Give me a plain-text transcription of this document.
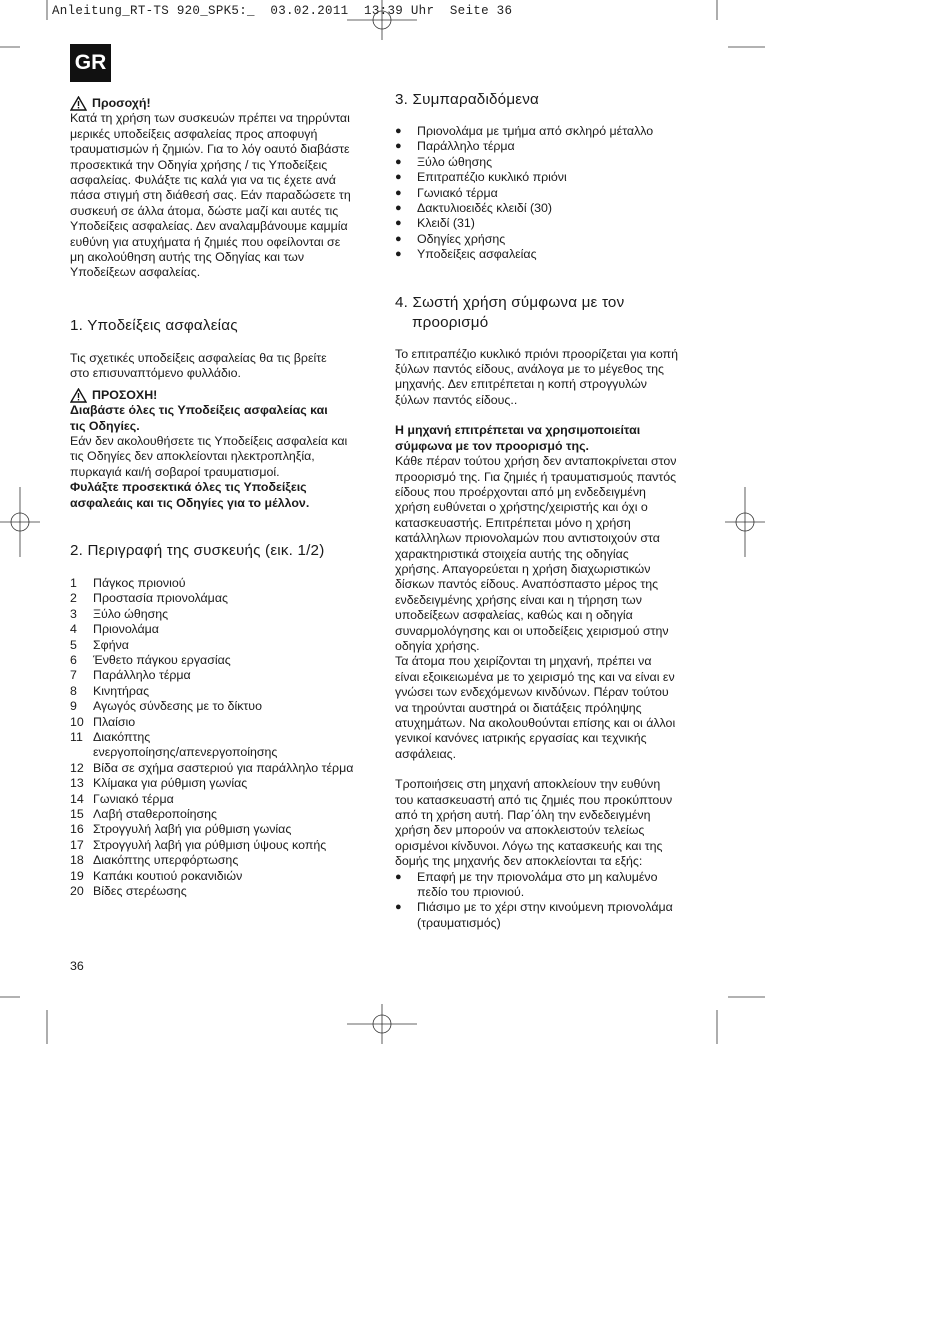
Anleitung_RT-TS 920_SPK5:_  03.02.2011  13:39 Uhr  Seite 36
GR
Προσοχή!

Κατά τη χρήση των συσκευών πρέπει να τηρρύνται

μερικές υποδείξεις ασφαλείας προς αποφυγή

τραυματισμών ή ζημιών. Για το λόγ οαυτό διαβάστε

προσεκτικά την Οδηγία χρήσης / τις Υποδείξεις

ασφαλείας. Φυλάξτε τις καλά για να τις έχετε ανά

πάσα στιγμή στη διάθεσή σας. Εάν παραδώσετε τη

συσκευή σε άλλα άτομα, δώστε μαζί και αυτές τις

Υποδείξεις ασφαλείας. Δεν αναλαμβάνουμε καμμία

ευθύνη για ατυχήματα ή ζημιές που οφείλονται σε

μη ακολούθηση αυτής της Οδηγίας και των

Υποδείξεων ασφαλείας.

1. Υποδείξεις ασφαλείας

Τις σχετικές υποδείξεις ασφαλείας θα τις βρείτε

στο επισυναπτόμενο φυλλάδιο.

ΠΡΟΣΟΧΗ!

Διαβάστε όλες τις Υποδείξεις ασφαλείας και

τις Οδηγίες.

Εάν δεν ακολουθήσετε τις Υποδείξεις ασφαλεία και

τις Οδηγίες δεν αποκλείονται ηλεκτροπληξία,

πυρκαγιά και/ή σοβαροί τραυματισμοί.

Φυλάξτε προσεκτικά όλες τις Υποδείξεις

ασφαλεάις και τις Οδηγίες για το μέλλον.

2. Περιγραφή της συσκευής (εικ. 1/2)
1	Πάγκος πριονιού
2	Προστασία πριονολάμας
3	Ξύλο ώθησης
4	Πριονολάμα
5	Σφήνα
6	Ένθετο πάγκου εργασίας
7	Παράλληλο τέρμα
8	Κινητήρας
9	Αγωγός σύνδεσης με το δίκτυο
10 Πλαίσιο
11 Διακόπτης
ενεργοποίησης/απενεργοποίησης
12 Βίδα σε σχήμα σαστεριού για παράλληλο τέρμα
13 Κλίμακα για ρύθμιση γωνίας
14 Γωνιακό τέρμα
15 Λαβή σταθεροποίησης
16 Στρογγυλή λαβή για ρύθμιση γωνίας
17 Στρογγυλή λαβή για ρύθμιση ύψους κοπής
18 Διακόπτης υπερφόρτωσης
19 Καπάκι κουτιού ροκανιδιών
20 Βίδες στερέωσης
3. Συμπαραδιδόμενα
●	Πριονολάμα με τμήμα από σκληρό μέταλλο
●	Παράλληλο τέρμα
●	Ξύλο ώθησης
●	Επιτραπέζιο κυκλικό πριόνι
●	Γωνιακό τέρμα
●	Δακτυλιοειδές κλειδί (30)
●	Κλειδί (31)
●	Οδηγίες χρήσης
●	Υποδείξεις ασφαλείας
4. Σωστή χρήση σύμφωνα με τον
προορισμό

Το επιτραπέζιο κυκλικό πριόνι προορίζεται για κοπή

ξύλων παντός είδους, ανάλογα με το μέγεθος της

μηχανής. Δεν επιτρέπεται η κοπή στρογγυλών

ξύλων παντός είδους..

Η μηχανή επιτρέπεται να χρησιμοποιείται

σύμφωνα με τον προορισμό της.

Κάθε πέραν τούτου χρήση δεν ανταποκρίνεται στον

προορισμό της. Για ζημιές ή τραυματισμούς παντός

είδους που προέρχονται από μη ενδεδειγμένη

χρήση ευθύνεται ο χρήστης/χειριστής και όχι ο

κατασκευαστής. Επιτρέπεται μόνο η χρήση

κατάλληλων πριονολαμών που αντιστοιχούν στα

χαρακτηριστικά στοιχεία αυτής της οδηγίας

χρήσης. Απαγορεύεται η χρήση διαχωριστικών

δίσκων παντός είδους. Αναπόσπαστο μέρος της

ενδεδειγμένης χρήσης είναι και η τήρηση των

υποδείξεων ασφαλείας, καθώς και η οδηγία

συναρμολόγησης και οι υποδείξεις χειρισμού στην

οδηγία χρήσης.

Τα άτομα που χειρίζονται τη μηχανή, πρέπει να

είναι εξοικειωμένα με το χειρισμό της και να είναι εν

γνώσει των ενδεχόμενων κινδύνων. Πέραν τούτου

να τηρούνται αυστηρά οι διατάξεις πρόληψης

ατυχημάτων. Να ακολουθούνται επίσης και οι άλλοι

γενικοί κανόνες ιατρικής εργασίας και τεχνικής

ασφάλειας.

Τροποιήσεις στη μηχανή αποκλείουν την ευθύνη

του κατασκευαστή από τις ζημιές που προκύπτουν

από τη χρήση αυτή. Παρ΄όλη την ενδεδειγμένη

χρήση δεν μπορούν να αποκλειστούν τελείως

ορισμένοι κίνδυνοι. Λόγω της κατασκευής και της

δομής της μηχανής δεν αποκλείονται τα εξής:

●	Επαφή με την πριονολάμα στο μη καλυμένο
πεδίο του πριονιού.
●	Πιάσιμο με το χέρι στην κινούμενη πριονολάμα
(τραυματισμός)
36
